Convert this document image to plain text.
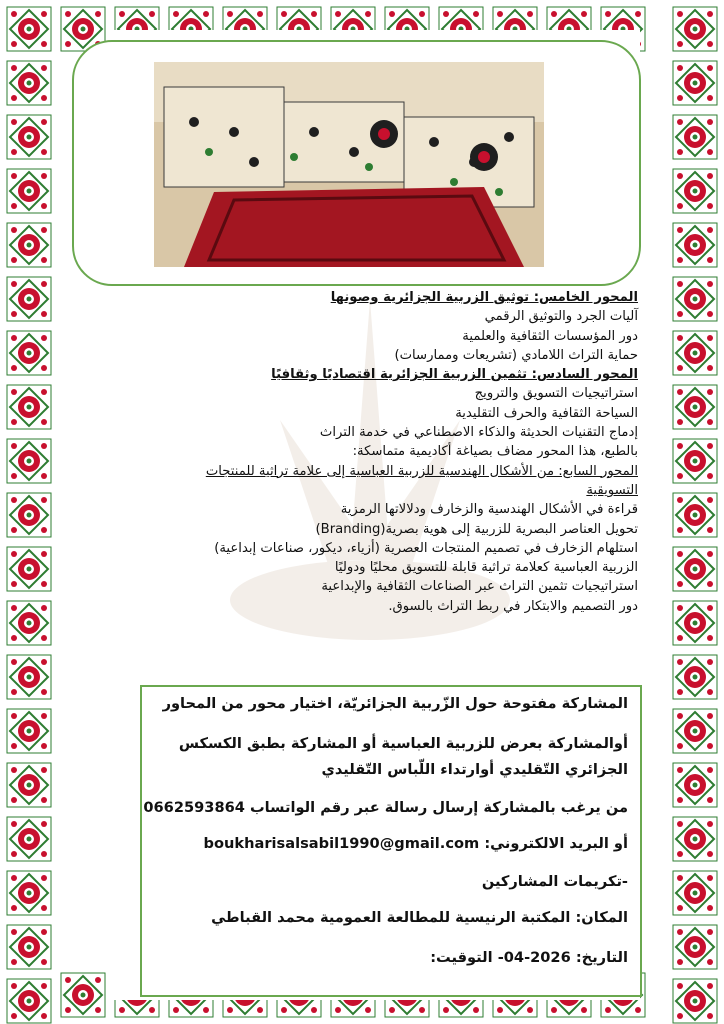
المحور الخامس: توثيق الزربية الجزائرية وصونها
آليات الجرد والتوثيق الرقمي
دور المؤسسات الثقافية والعلمية
حماية التراث اللامادي (تشريعات وممارسات)
المحور السادس: تثمين الزربية الجزائرية اقتصاديًا وثقافيًا
استراتيجيات التسويق والترويج
السياحة الثقافية والحرف التقليدية
إدماج التقنيات الحديثة والذكاء الاصطناعي في خدمة التراث
بالطبع، هذا المحور مضاف بصياغة أكاديمية متماسكة:
المحور السابع: من الأشكال الهندسية للزربية العباسية إلى علامة تراثية للمنتجات
التسويقية
قراءة في الأشكال الهندسية والزخارف ودلالاتها الرمزية
تحويل العناصر البصرية للزربية إلى هوية بصرية(Branding)
استلهام الزخارف في تصميم المنتجات العصرية (أزياء، ديكور، صناعات إبداعية)
الزربية العباسية كعلامة تراثية قابلة للتسويق محليًا ودوليًا
استراتيجيات تثمين التراث عبر الصناعات الثقافية والإبداعية
دور التصميم والابتكار في ربط التراث بالسوق.
المشاركة مفتوحة حول الزّربية الجزائريّة، اختيار محور من المحاور
أوالمشاركة بعرض للزربية العباسية أو المشاركة بطبق الكسكس الجزائري التّقليدي أوارتداء اللّباس التّقليدي
من يرغب بالمشاركة إرسال رسالة عبر رقم الواتساب 0662593864
أو البريد الالكتروني: boukharisalsabil1990@gmail.com
-تكريمات المشاركين
المكان: المكتبة الرنيسية للمطالعة العمومية محمد القباطي
التاريخ: -04-2026 التوقيت:
